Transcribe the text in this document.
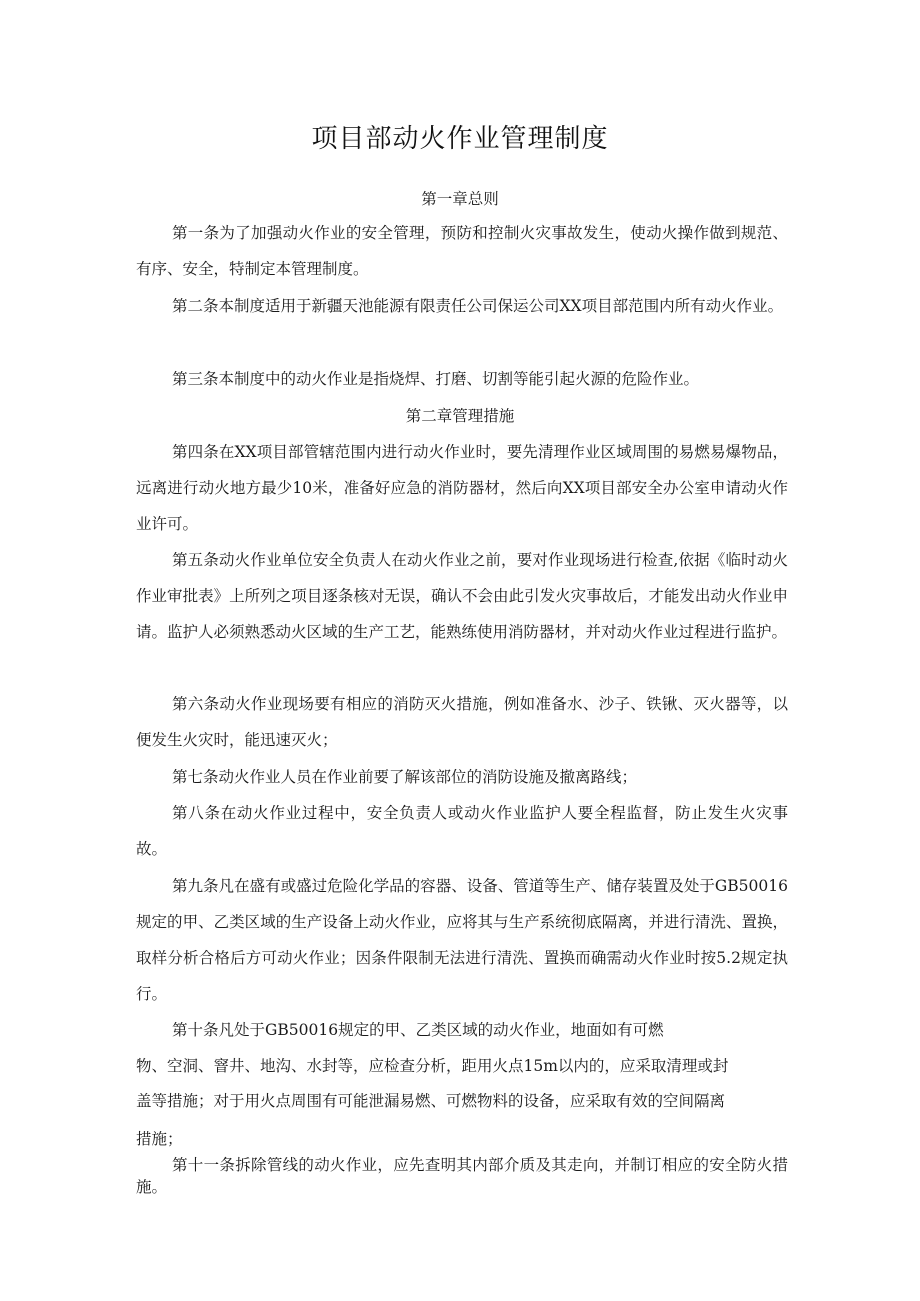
项目部动火作业管理制度
第一章总则

第一条为了加强动火作业的安全管理，预防和控制火灾事故发生，使动火操作做到规范、有序、安全，特制定本管理制度。

第二条本制度适用于新疆天池能源有限责任公司保运公司XX项目部范围内所有动火作业。

第三条本制度中的动火作业是指烧焊、打磨、切割等能引起火源的危险作业。

第二章管理措施

第四条在XX项目部管辖范围内进行动火作业时，要先清理作业区域周围的易燃易爆物品，远离进行动火地方最少10米，准备好应急的消防器材，然后向XX项目部安全办公室申请动火作业许可。

第五条动火作业单位安全负责人在动火作业之前，要对作业现场进行检查,依据《临时动火作业审批表》上所列之项目逐条核对无误，确认不会由此引发火灾事故后，才能发出动火作业申请。监护人必须熟悉动火区域的生产工艺，能熟练使用消防器材，并对动火作业过程进行监护。

第六条动火作业现场要有相应的消防灭火措施，例如准备水、沙子、铁锹、灭火器等，以便发生火灾时，能迅速灭火；

第七条动火作业人员在作业前要了解该部位的消防设施及撤离路线；

第八条在动火作业过程中，安全负责人或动火作业监护人要全程监督，防止发生火灾事故。

第九条凡在盛有或盛过危险化学品的容器、设备、管道等生产、储存装置及处于GB50016规定的甲、乙类区域的生产设备上动火作业，应将其与生产系统彻底隔离，并进行清洗、置换，取样分析合格后方可动火作业；因条件限制无法进行清洗、置换而确需动火作业时按5.2规定执行。

第十条凡处于GB50016规定的甲、乙类区域的动火作业，地面如有可燃
物、空洞、窨井、地沟、水封等，应检查分析，距用火点15m以内的，应采取清理或封
盖等措施；对于用火点周围有可能泄漏易燃、可燃物料的设备，应采取有效的空间隔离
措施；

第十一条拆除管线的动火作业，应先查明其内部介质及其走向，并制订相应的安全防火措施。
